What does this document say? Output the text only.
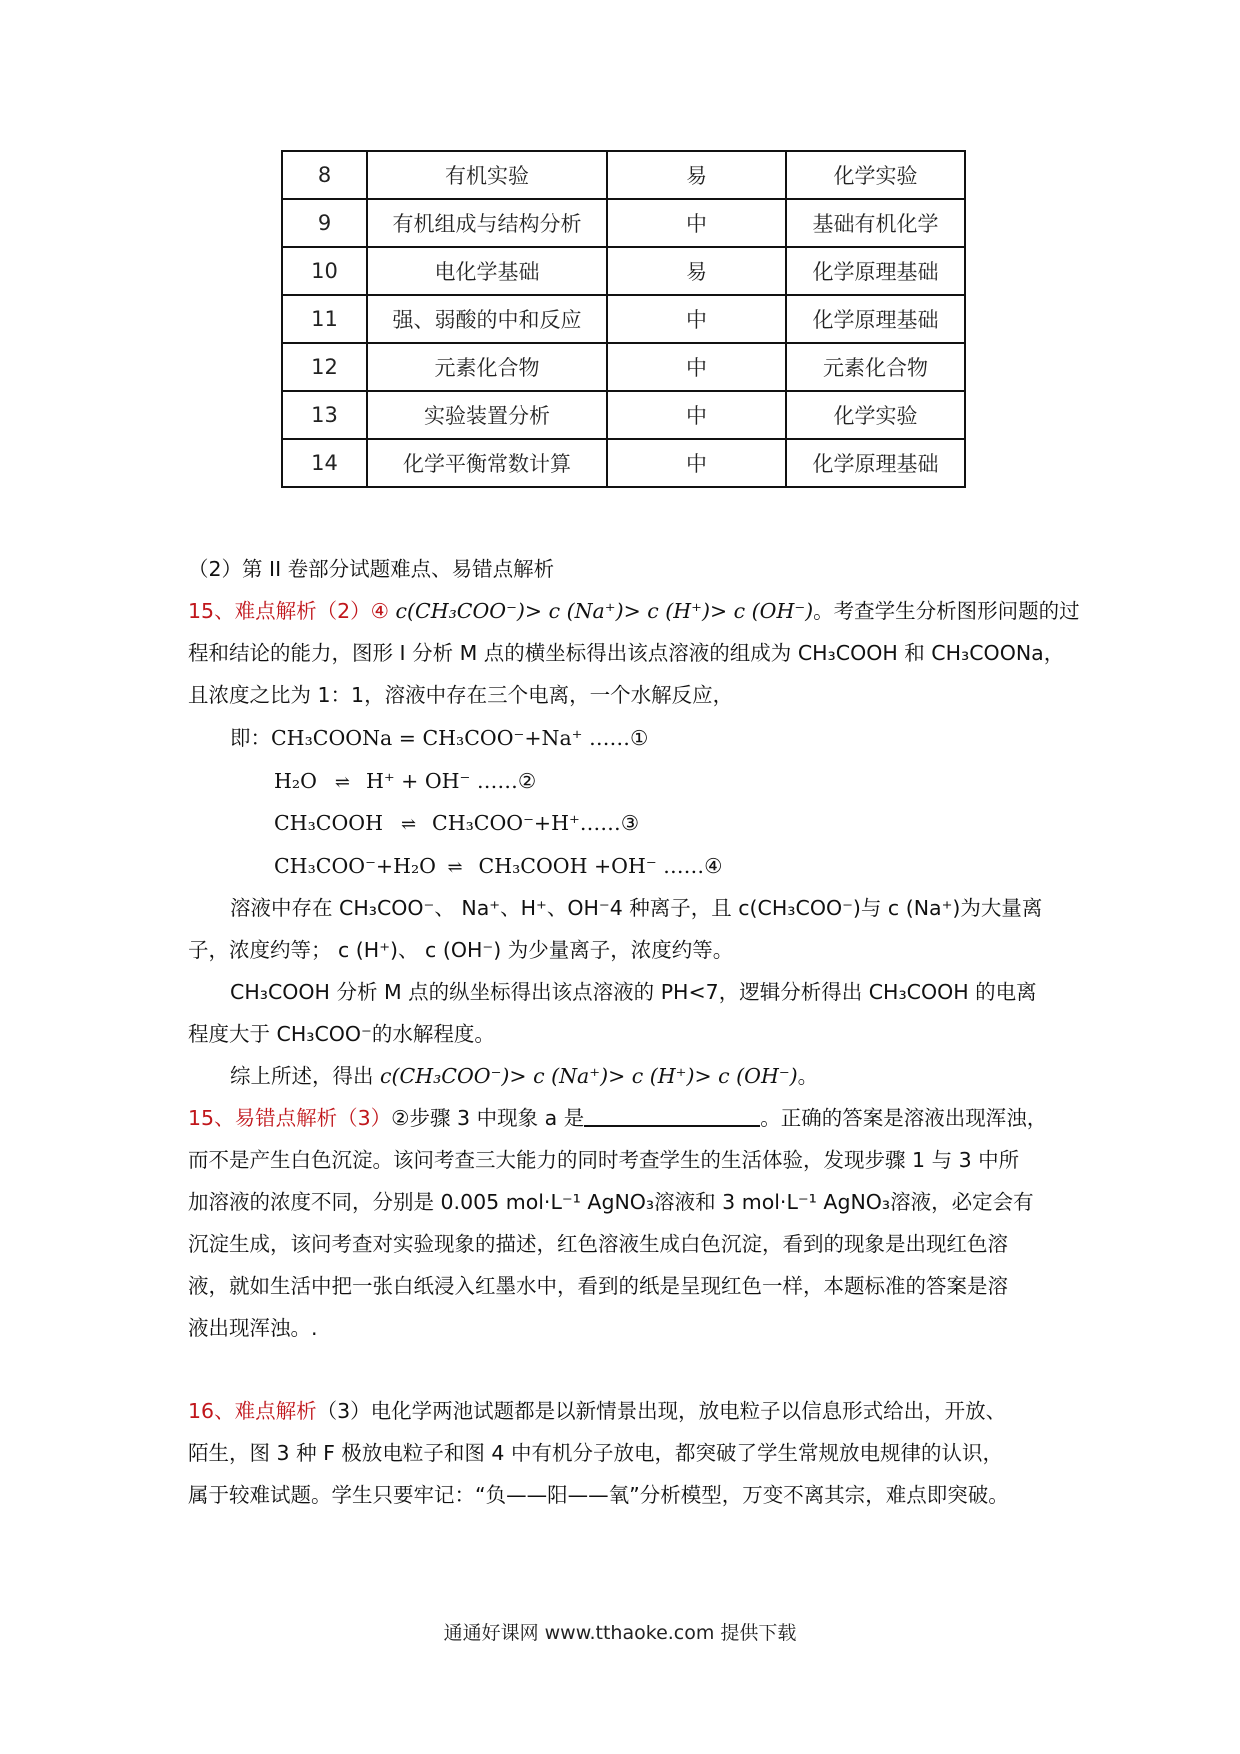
8	有机实验	易	化学实验
9	有机组成与结构分析	中	基础有机化学
10	电化学基础	易	化学原理基础
11	强、弱酸的中和反应	中	化学原理基础
12	元素化合物	中	元素化合物
13	实验装置分析	中	化学实验
14	化学平衡常数计算	中	化学原理基础
（2）第 II 卷部分试题难点、易错点解析
15、难点解析（2）④ c(CH₃COO⁻)> c (Na⁺)> c (H⁺)> c (OH⁻)。考查学生分析图形问题的过
程和结论的能力，图形 I 分析 M 点的横坐标得出该点溶液的组成为 CH₃COOH 和 CH₃COONa，
且浓度之比为 1：1，溶液中存在三个电离，一个水解反应，
即：CH₃COONa = CH₃COO⁻+Na⁺ ……①
H₂O ⇌ H⁺ + OH⁻ ……②
CH₃COOH ⇌ CH₃COO⁻+H⁺……③
CH₃COO⁻+H₂O ⇌ CH₃COOH +OH⁻ ……④
溶液中存在 CH₃COO⁻、 Na⁺、H⁺、OH⁻4 种离子，且 c(CH₃COO⁻)与 c (Na⁺)为大量离
子，浓度约等； c (H⁺)、 c (OH⁻) 为少量离子，浓度约等。
CH₃COOH 分析 M 点的纵坐标得出该点溶液的 PH<7，逻辑分析得出 CH₃COOH 的电离
程度大于 CH₃COO⁻的水解程度。
综上所述，得出 c(CH₃COO⁻)> c (Na⁺)> c (H⁺)> c (OH⁻)。
15、易错点解析（3）②步骤 3 中现象 a 是	。正确的答案是溶液出现浑浊，
而不是产生白色沉淀。该问考查三大能力的同时考查学生的生活体验，发现步骤 1 与 3 中所
加溶液的浓度不同，分别是 0.005 mol·L⁻¹ AgNO₃溶液和 3 mol·L⁻¹ AgNO₃溶液，必定会有
沉淀生成，该问考查对实验现象的描述，红色溶液生成白色沉淀，看到的现象是出现红色溶
液，就如生活中把一张白纸浸入红墨水中，看到的纸是呈现红色一样，本题标准的答案是溶
液出现浑浊。.
16、难点解析（3）电化学两池试题都是以新情景出现，放电粒子以信息形式给出，开放、
陌生，图 3 种 F 极放电粒子和图 4 中有机分子放电，都突破了学生常规放电规律的认识，
属于较难试题。学生只要牢记：“负——阳——氧”分析模型，万变不离其宗，难点即突破。
通通好课网 www.tthaoke.com 提供下载
